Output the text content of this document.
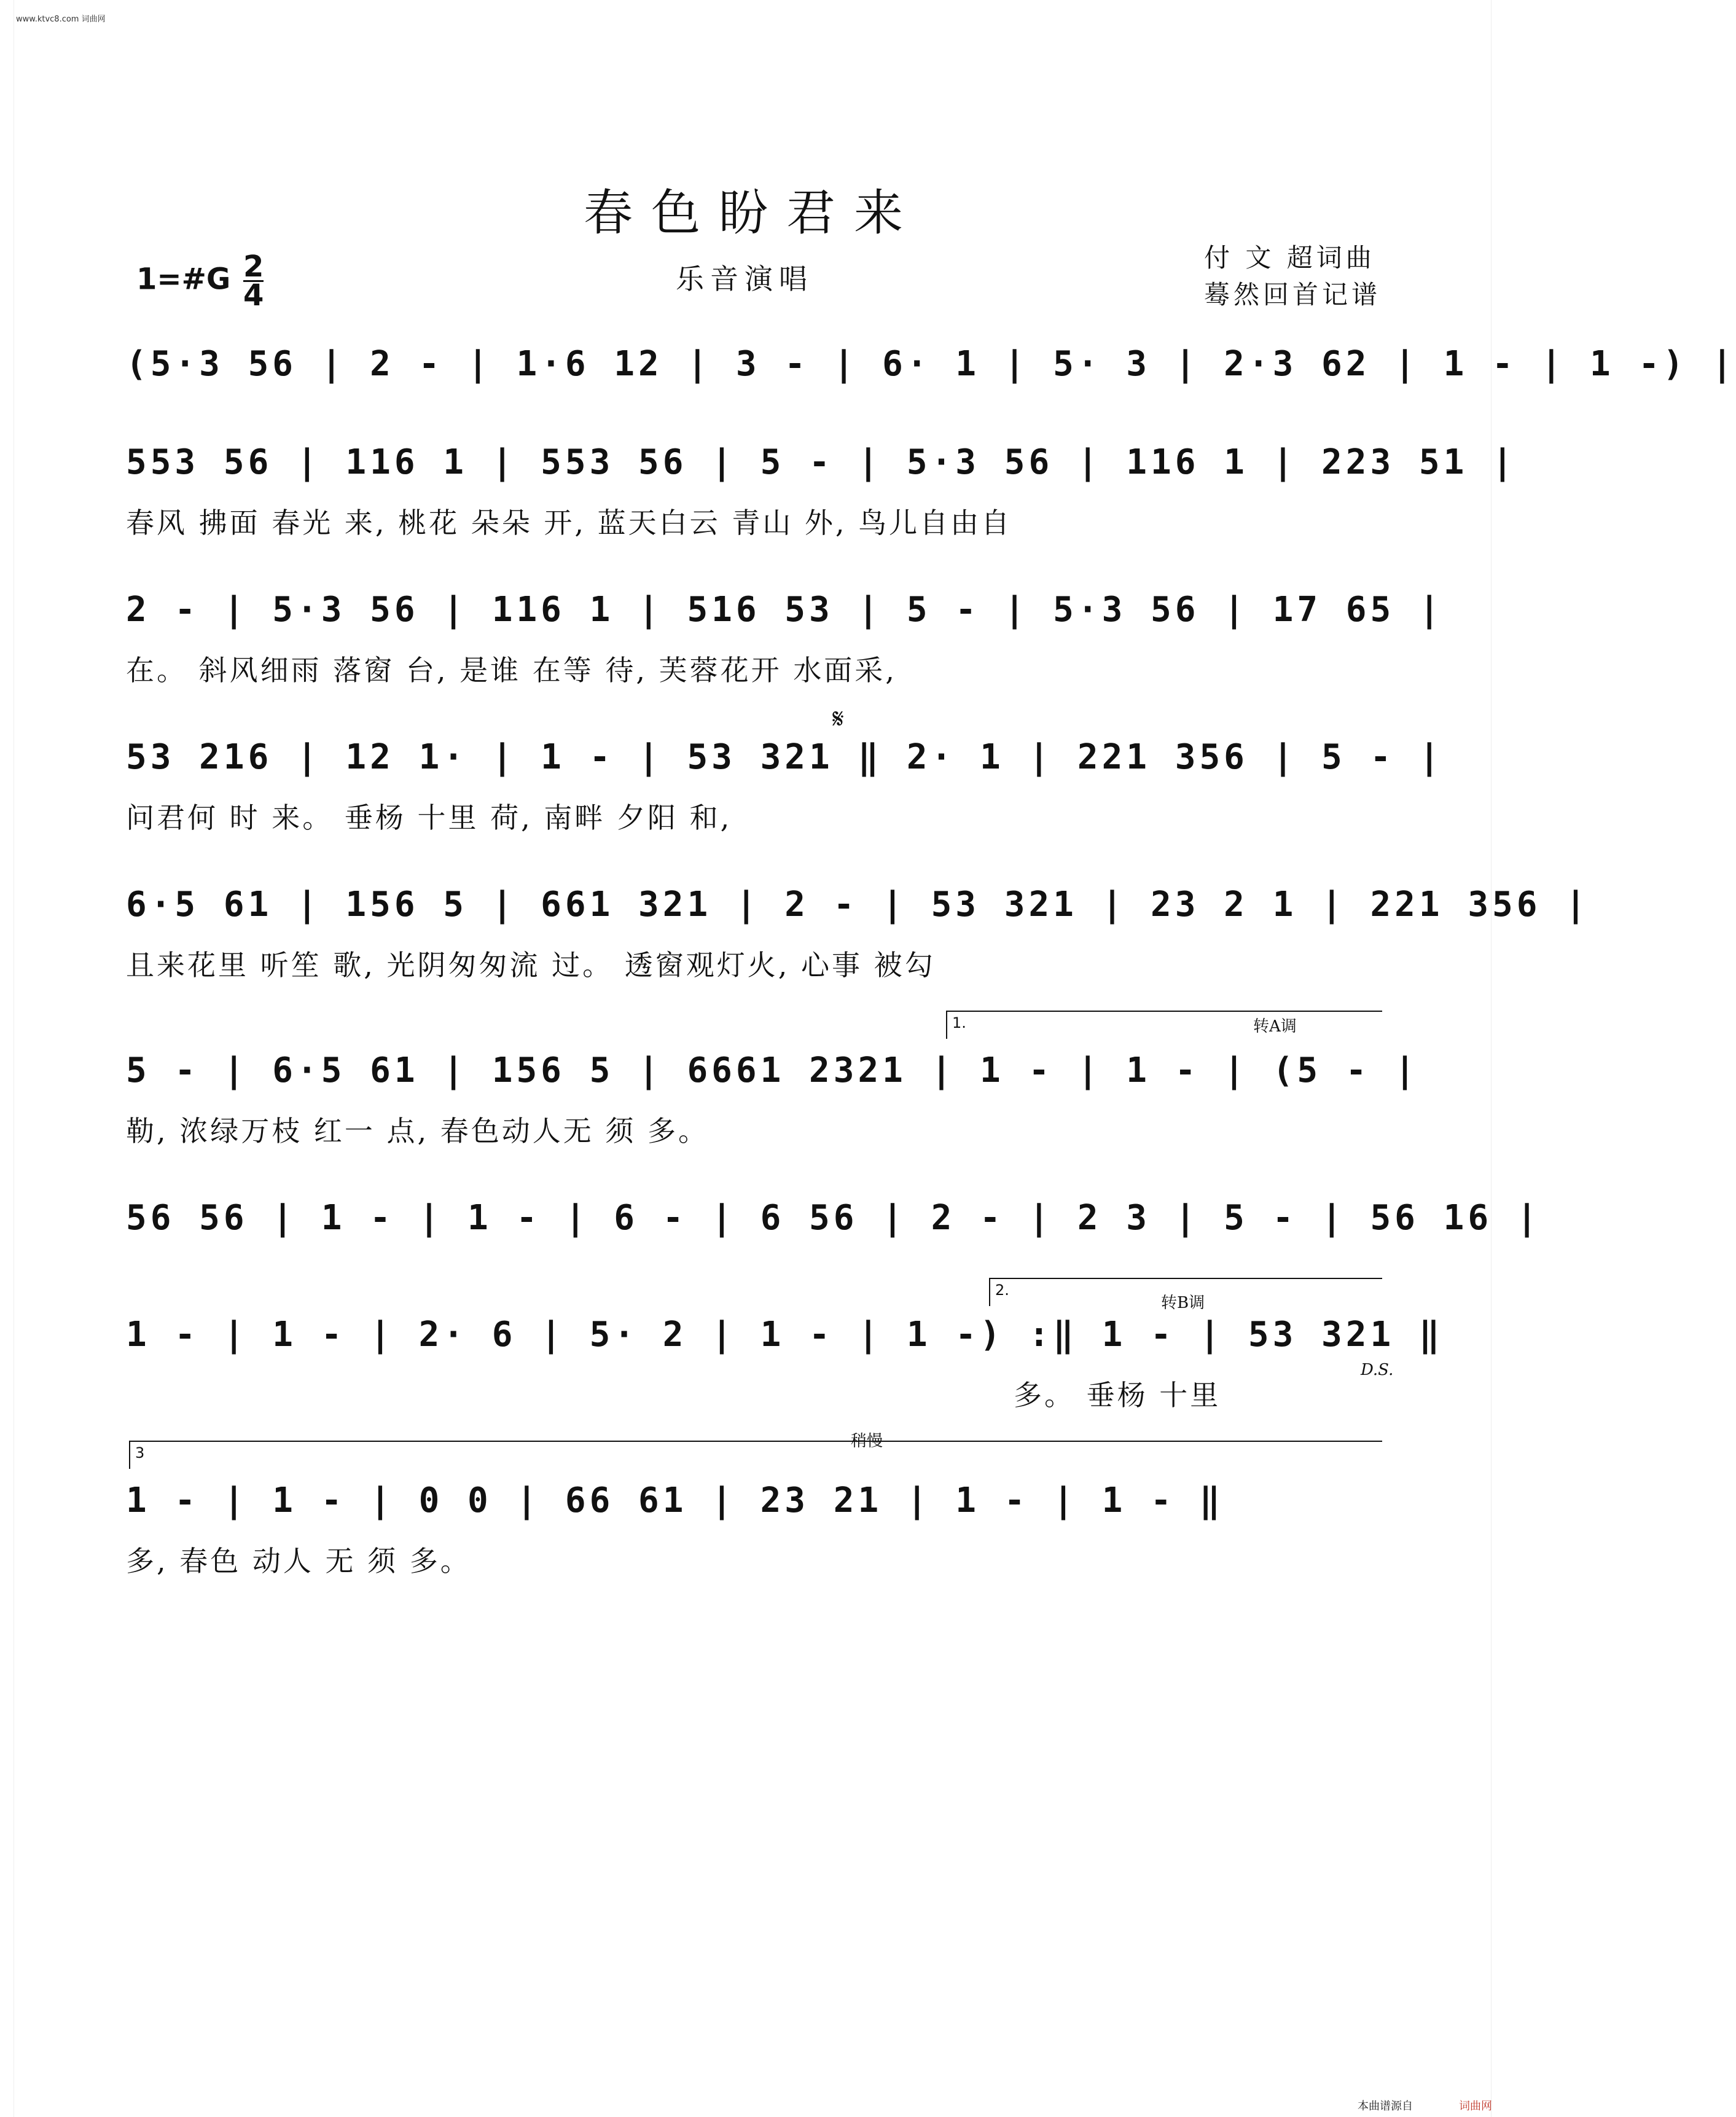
www.ktvc8.com 词曲网
春色盼君来
1=#G $\frac{2}{4}$	乐音演唱
付 文 超词曲
蓦然回首记谱
(5·3 56 | 2 - | 1·6 12 | 3 - | 6· 1 | 5· 3 | 2·3 62 | 1 - | 1 -) |
553 56 | 116 1 | 553 56 | 5 - | 5·3 56 | 116 1 | 223 51 |
春风 拂面 春光 来, 桃花 朵朵 开, 蓝天白云 青山 外, 鸟儿自由自
2 - | 5·3 56 | 116 1 | 516 53 | 5 - | 5·3 56 | 17 65 |
在。 斜风细雨 落窗 台, 是谁 在等 待, 芙蓉花开 水面采,
𝄋
53 216 | 12 1· | 1 - | 53 321 ‖ 2· 1 | 221 356 | 5 - |
问君何 时 来。 垂杨 十里 荷, 南畔 夕阳 和,
6·5 61 | 156 5 | 661 321 | 2 - | 53 321 | 23 2 1 | 221 356 |
且来花里 听笙 歌, 光阴匆匆流 过。 透窗观灯火, 心事 被勾
1.	转A调
5 - | 6·5 61 | 156 5 | 6661 2321 | 1 - | 1 - | (5 - |
勒, 浓绿万枝 红一 点, 春色动人无 须 多。
56 56 | 1 - | 1 - | 6 - | 6 56 | 2 - | 2 3 | 5 - | 56 16 |
2.
转B调
1 - | 1 - | 2· 6 | 5· 2 | 1 - | 1 -) :‖ 1 - | 53 321 ‖
D.S.
多。 垂杨 十里
3
稍慢
1 - | 1 - | 0 0 | 66 61 | 23 21 | 1 - | 1 - ‖
多, 春色 动人 无 须 多。
本曲谱源自	词曲网
